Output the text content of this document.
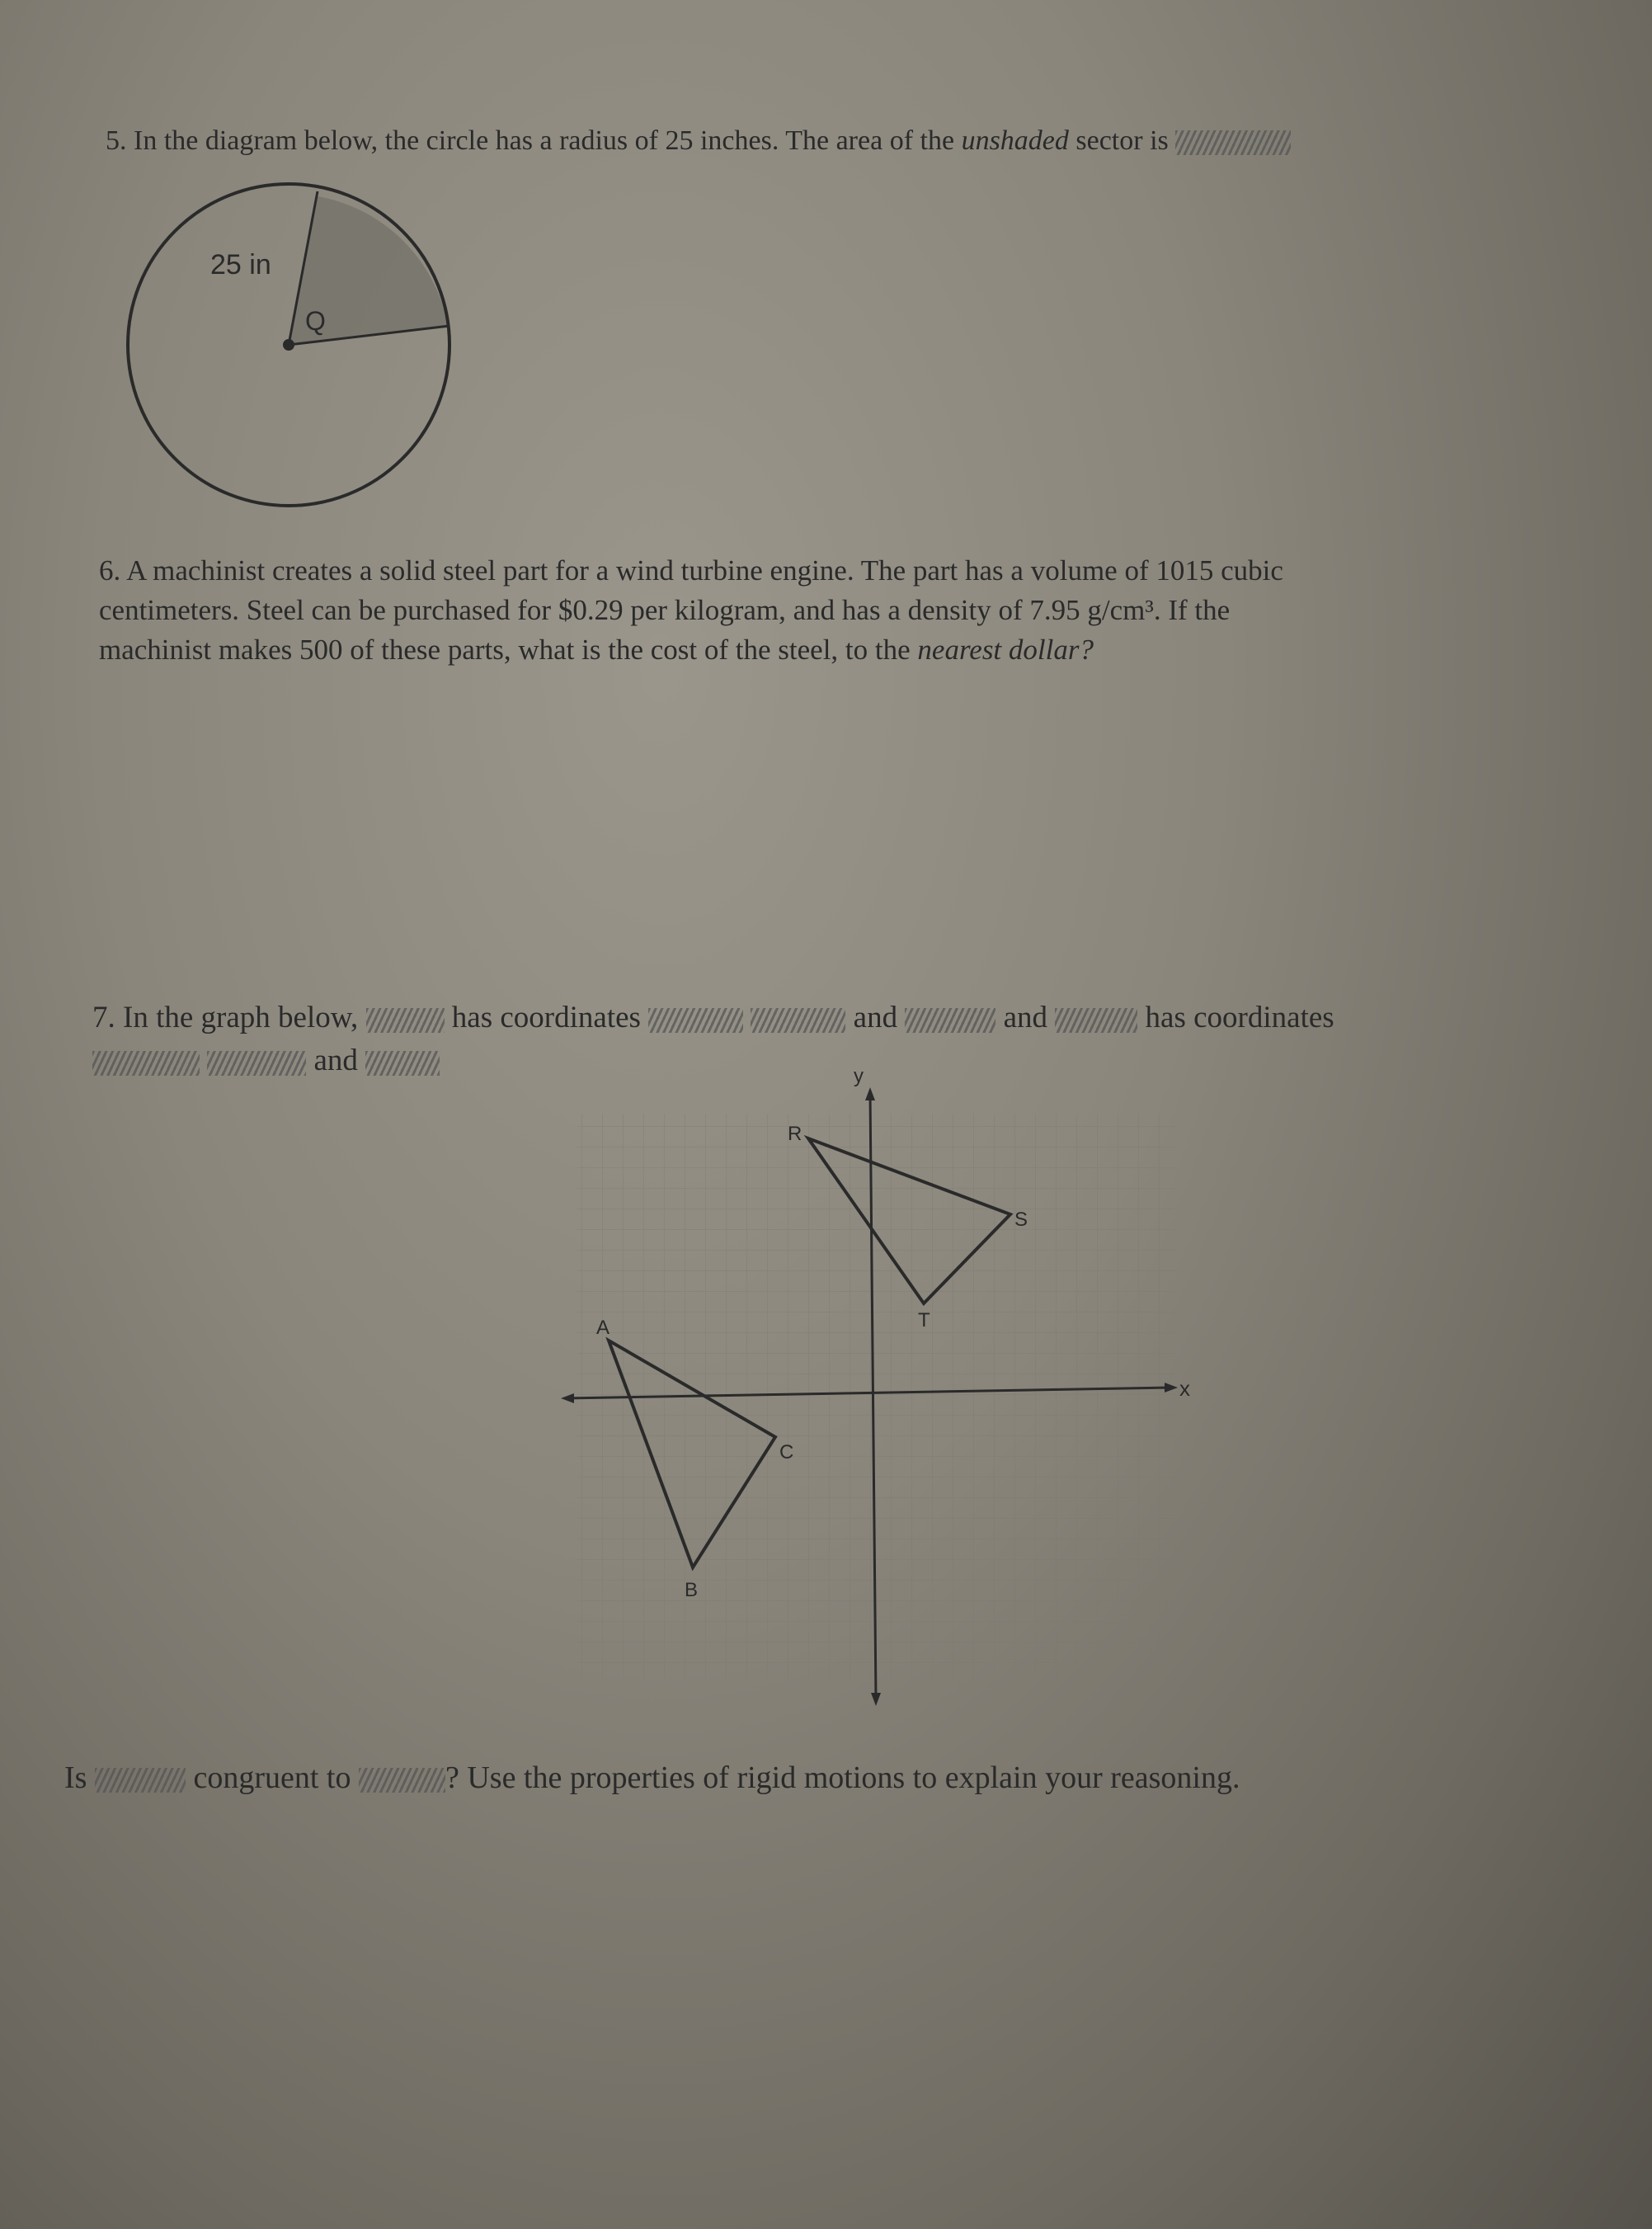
5. In the diagram below, the circle has a radius of 25 inches. The area of the unshaded sector is
25 in
Q
6. A machinist creates a solid steel part for a wind turbine engine. The part has a volume of 1015 cubic
centimeters. Steel can be purchased for $0.29 per kilogram, and has a density of 7.95 g/cm³. If the
machinist makes 500 of these parts, what is the cost of the steel, to the nearest dollar?
7. In the graph below,	has coordinates	and	and	has coordinates
and	y
x
R
S
T
A
C
B
Is	congruent to	? Use the properties of rigid motions to explain your reasoning.
